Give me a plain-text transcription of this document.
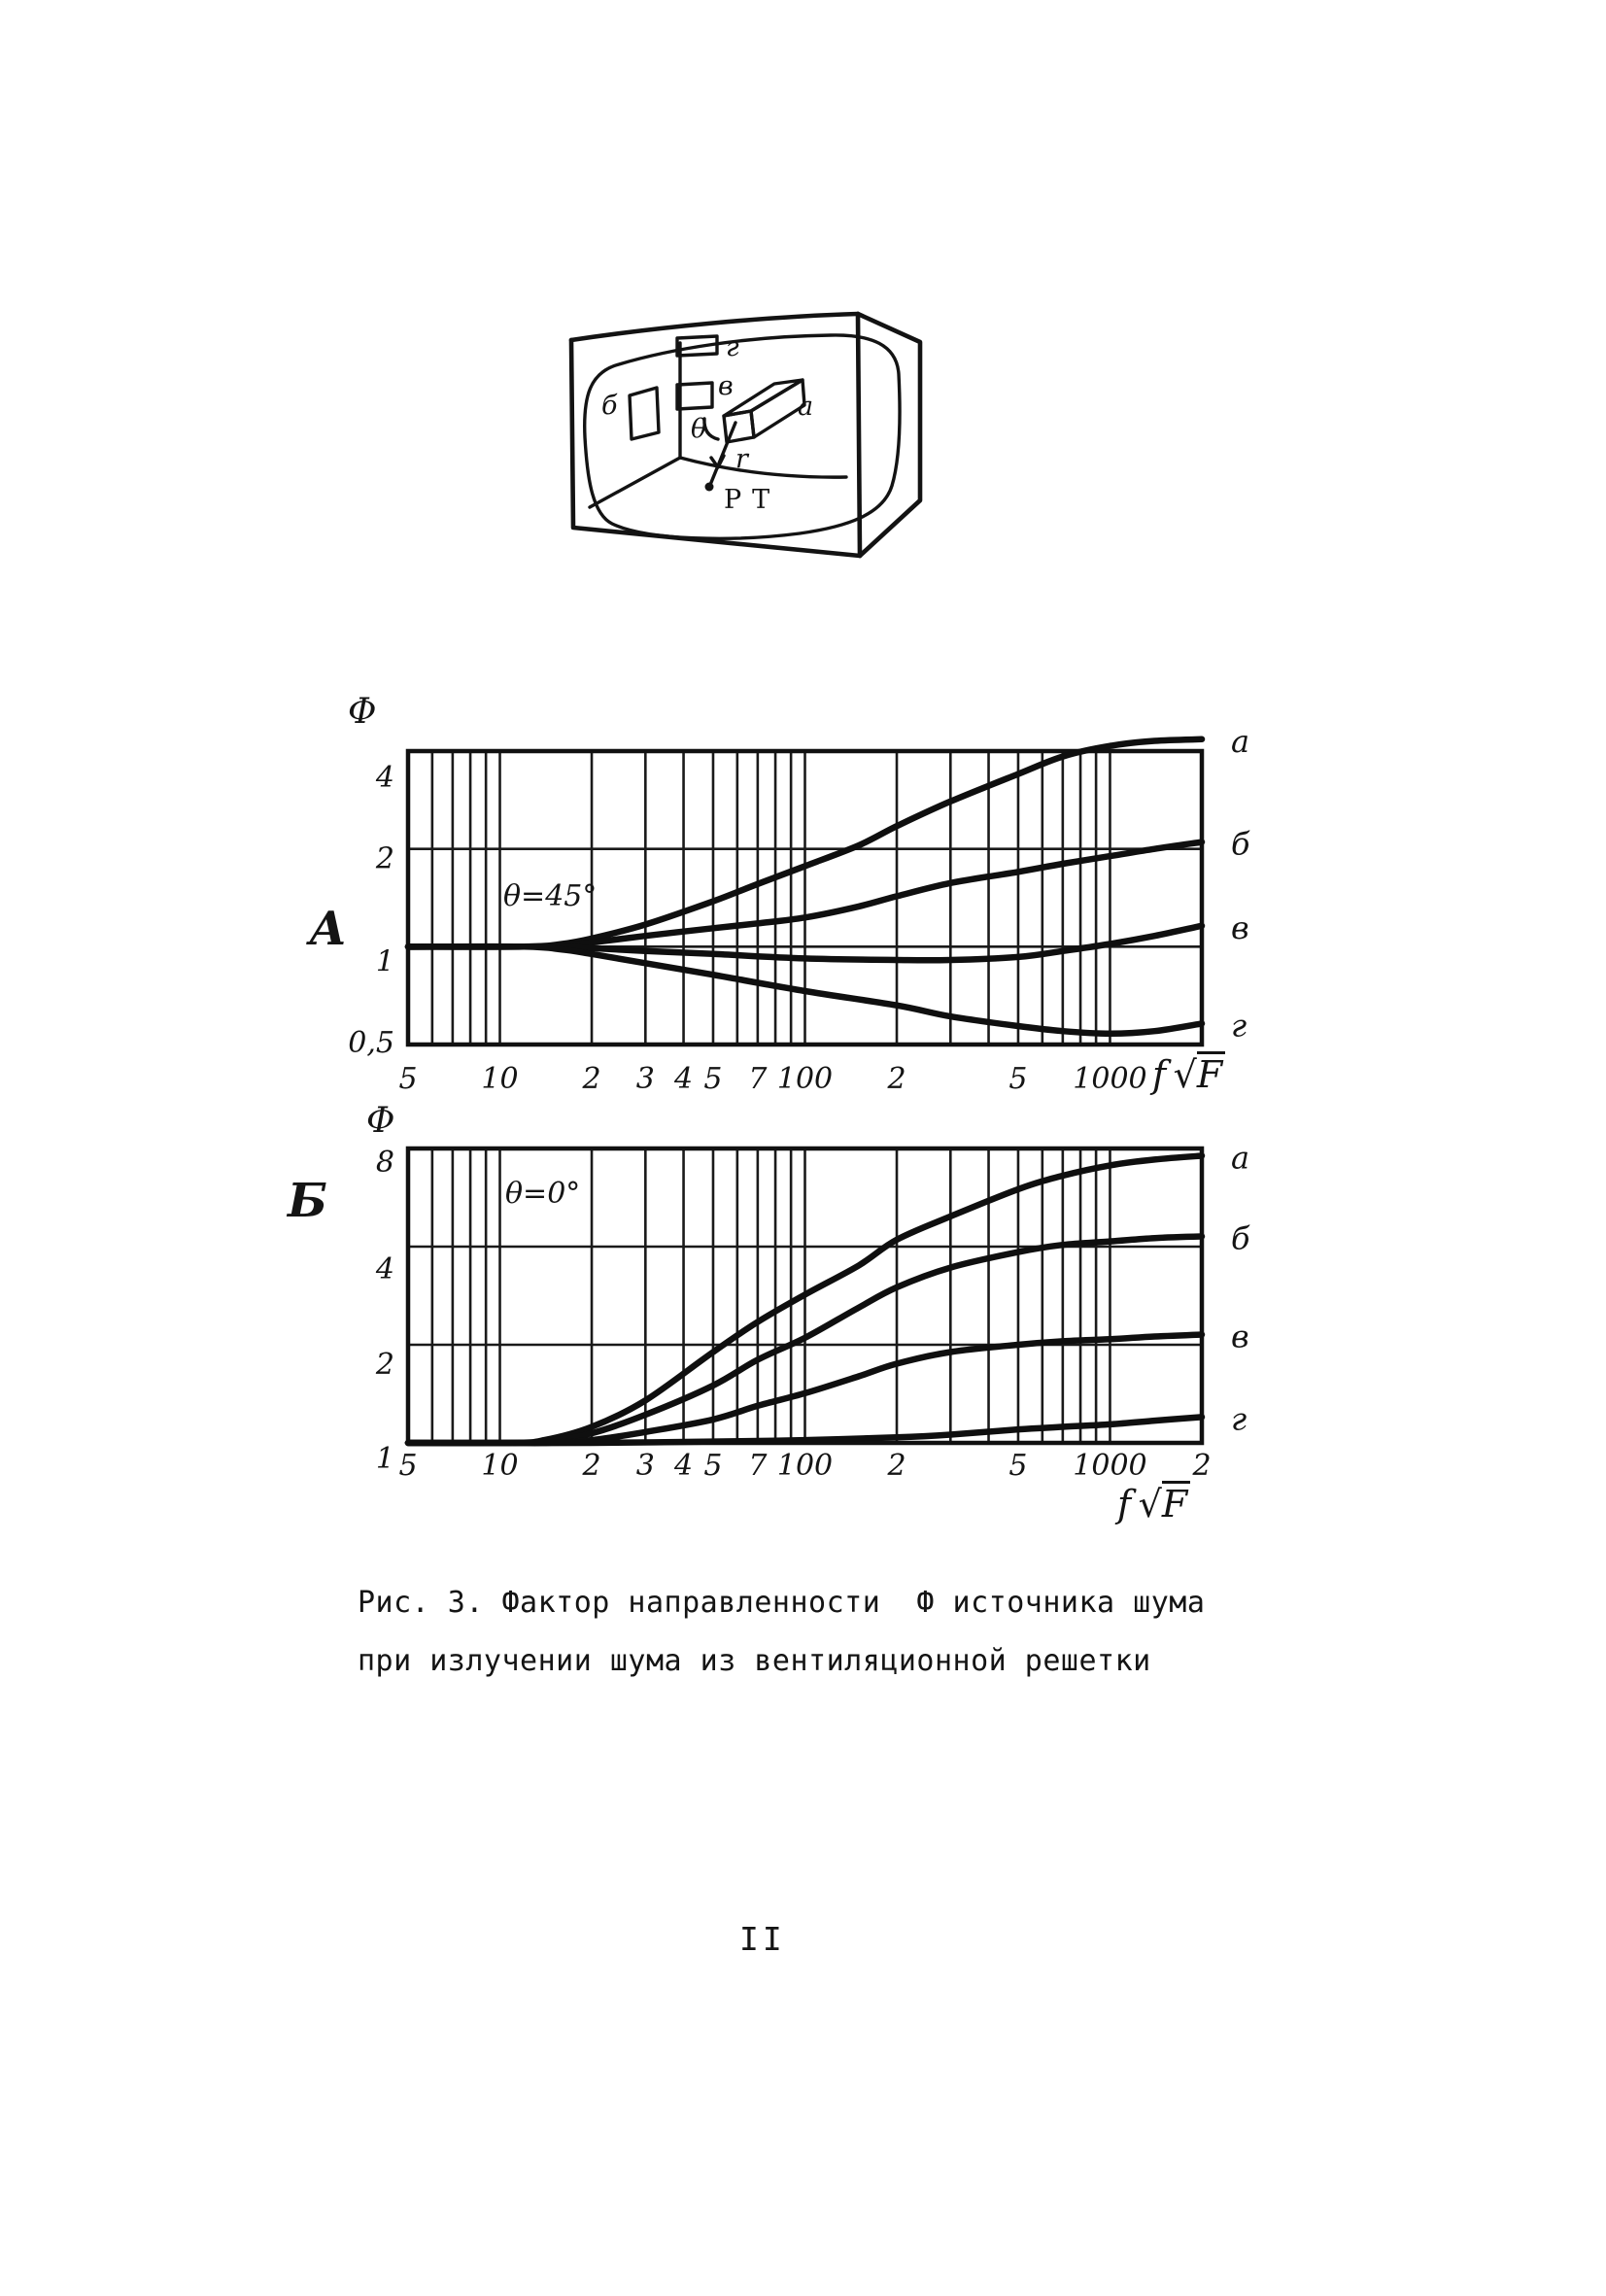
б
г
в
а
θ
r
РТ
Φ
А
а
б
в
г
4
2
1
0,5
5 10 2 3 4 5 7 100 2	5 1000
θ=45°
f  √F
Φ
Б
а
б
в
г
8
4
2
1 5 10 2 3 4 5 7 100 2	5 1000 2
θ=0°
f  √F
Рис. 3. Фактор направленности  Ф источника шума
при излучении шума из вентиляционной решетки
II
